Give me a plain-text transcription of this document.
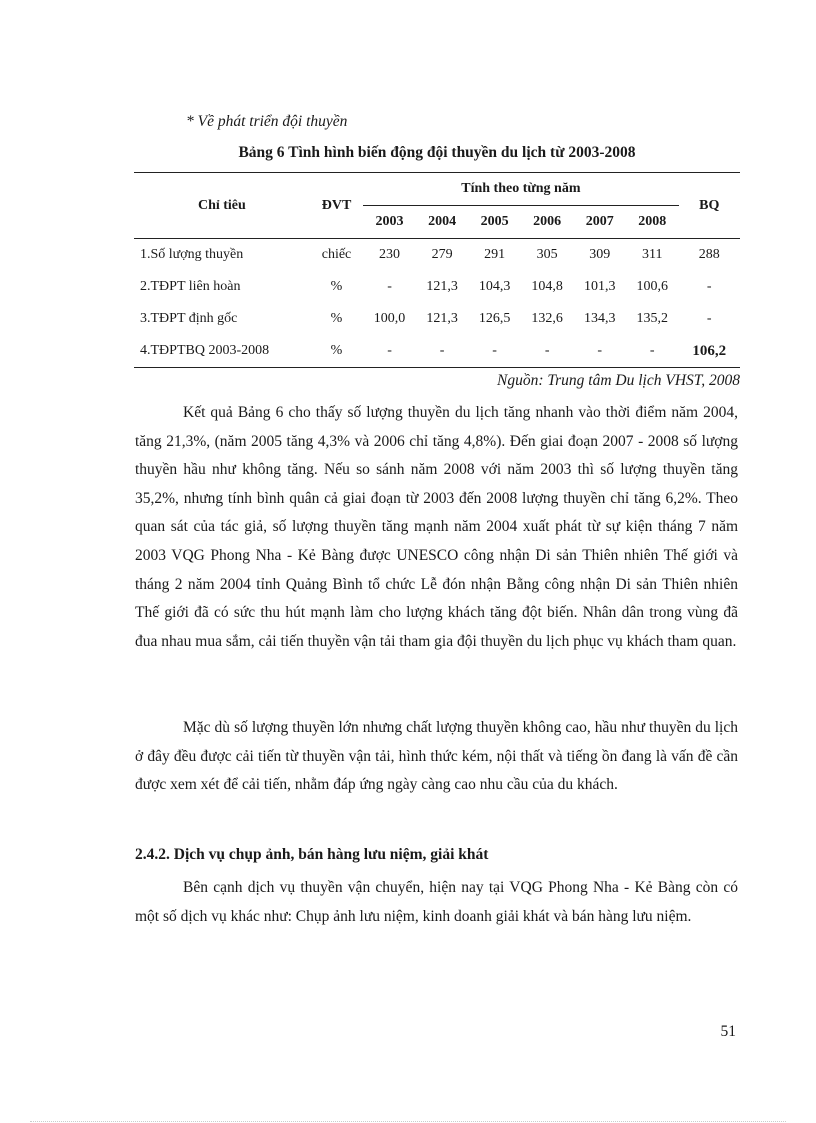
* Về phát triển đội thuyền
Bảng 6 Tình hình biến động đội thuyền du lịch từ 2003-2008
Chỉ tiêu	ĐVT	Tính theo từng năm						BQ
		2003	2004	2005	2006	2007	2008	
1.Số lượng thuyền	chiếc	230	279	291	305	309	311	288
2.TĐPT liên hoàn	%	-	121,3	104,3	104,8	101,3	100,6	-
3.TĐPT định gốc	%	100,0	121,3	126,5	132,6	134,3	135,2	-
4.TĐPTBQ 2003-2008	%	-	-	-	-	-	-	106,2
Nguồn: Trung tâm Du lịch VHST, 2008

Kết quả Bảng 6 cho thấy số lượng thuyền du lịch tăng nhanh vào thời điểm năm 2004, tăng 21,3%, (năm 2005 tăng 4,3% và 2006 chỉ tăng 4,8%). Đến giai đoạn 2007 - 2008 số lượng thuyền hầu như không tăng. Nếu so sánh năm 2008 với năm 2003 thì số lượng thuyền tăng 35,2%, nhưng tính bình quân cả giai đoạn từ 2003 đến 2008 lượng thuyền chỉ tăng 6,2%. Theo quan sát của tác giả, số lượng thuyền tăng mạnh năm 2004 xuất phát từ sự kiện tháng 7 năm 2003 VQG Phong Nha - Kẻ Bàng được UNESCO công nhận Di sản Thiên nhiên Thế giới và tháng 2 năm 2004 tỉnh Quảng Bình tổ chức Lễ đón nhận Bằng công nhận Di sản Thiên nhiên Thế giới đã có sức thu hút mạnh làm cho lượng khách tăng đột biến. Nhân dân trong vùng đã đua nhau mua sắm, cải tiến thuyền vận tải tham gia đội thuyền du lịch phục vụ khách tham quan.

Mặc dù số lượng thuyền lớn nhưng chất lượng thuyền không cao, hầu như thuyền du lịch ở đây đều được cải tiến từ thuyền vận tải, hình thức kém, nội thất và tiếng ồn đang là vấn đề cần được xem xét để cải tiến, nhằm đáp ứng ngày càng cao nhu cầu của du khách.

2.4.2. Dịch vụ chụp ảnh, bán hàng lưu niệm, giải khát

Bên cạnh dịch vụ thuyền vận chuyển, hiện nay tại VQG Phong Nha - Kẻ Bàng còn có một số dịch vụ khác như: Chụp ảnh lưu niệm, kinh doanh giải khát và bán hàng lưu niệm.

51
